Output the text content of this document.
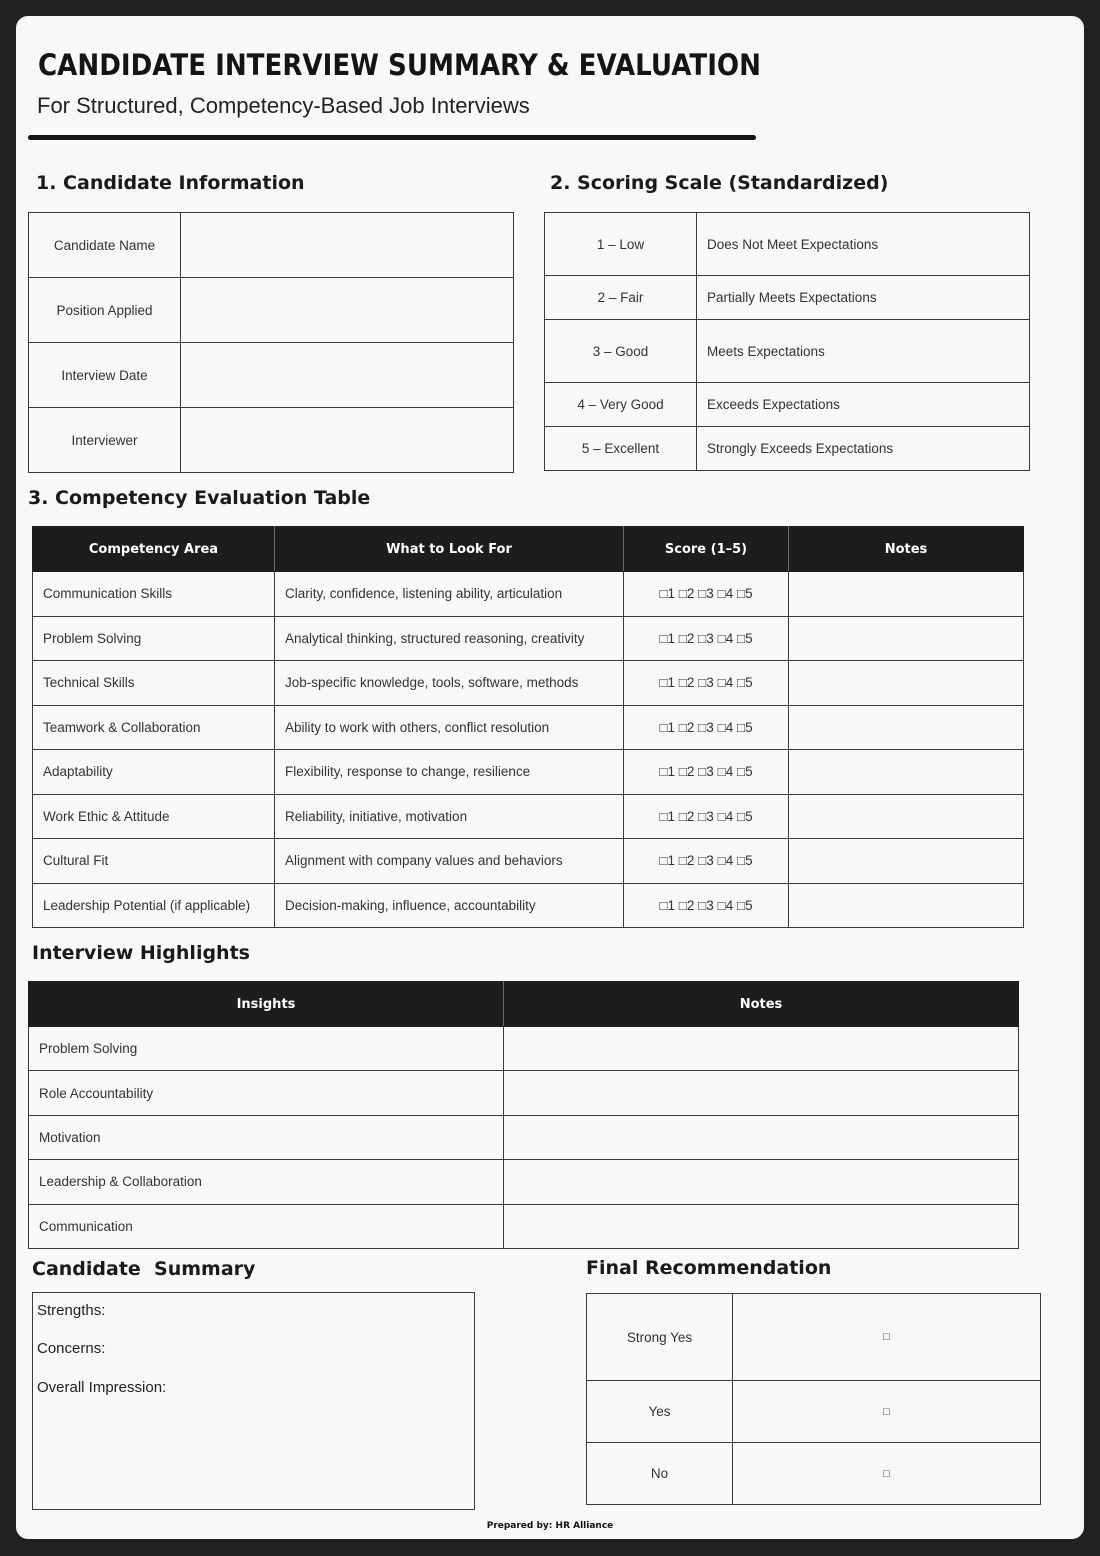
CANDIDATE INTERVIEW SUMMARY & EVALUATION
For Structured, Competency-Based Job Interviews
1. Candidate Information
Candidate Name	
Position Applied	
Interview Date	
Interviewer	
2. Scoring Scale (Standardized)
1 – Low	Does Not Meet Expectations
2 – Fair	Partially Meets Expectations
3 – Good	Meets Expectations
4 – Very Good	Exceeds Expectations
5 – Excellent	Strongly Exceeds Expectations
3. Competency Evaluation Table
Competency Area	What to Look For	Score (1–5)	Notes
Communication Skills	Clarity, confidence, listening ability, articulation	□1 □2 □3 □4 □5	
Problem Solving	Analytical thinking, structured reasoning, creativity	□1 □2 □3 □4 □5	
Technical Skills	Job-specific knowledge, tools, software, methods	□1 □2 □3 □4 □5	
Teamwork & Collaboration	Ability to work with others, conflict resolution	□1 □2 □3 □4 □5	
Adaptability	Flexibility, response to change, resilience	□1 □2 □3 □4 □5	
Work Ethic & Attitude	Reliability, initiative, motivation	□1 □2 □3 □4 □5	
Cultural Fit	Alignment with company values and behaviors	□1 □2 □3 □4 □5	
Leadership Potential (if applicable)	Decision-making, influence, accountability	□1 □2 □3 □4 □5	
Interview Highlights
Insights	Notes
Problem Solving	
Role Accountability	
Motivation	
Leadership & Collaboration	
Communication	
Candidate  Summary
Strengths:
Concerns:
Overall Impression:
Final Recommendation
Strong Yes	□
Yes	□
No	□
Prepared by: HR Alliance
